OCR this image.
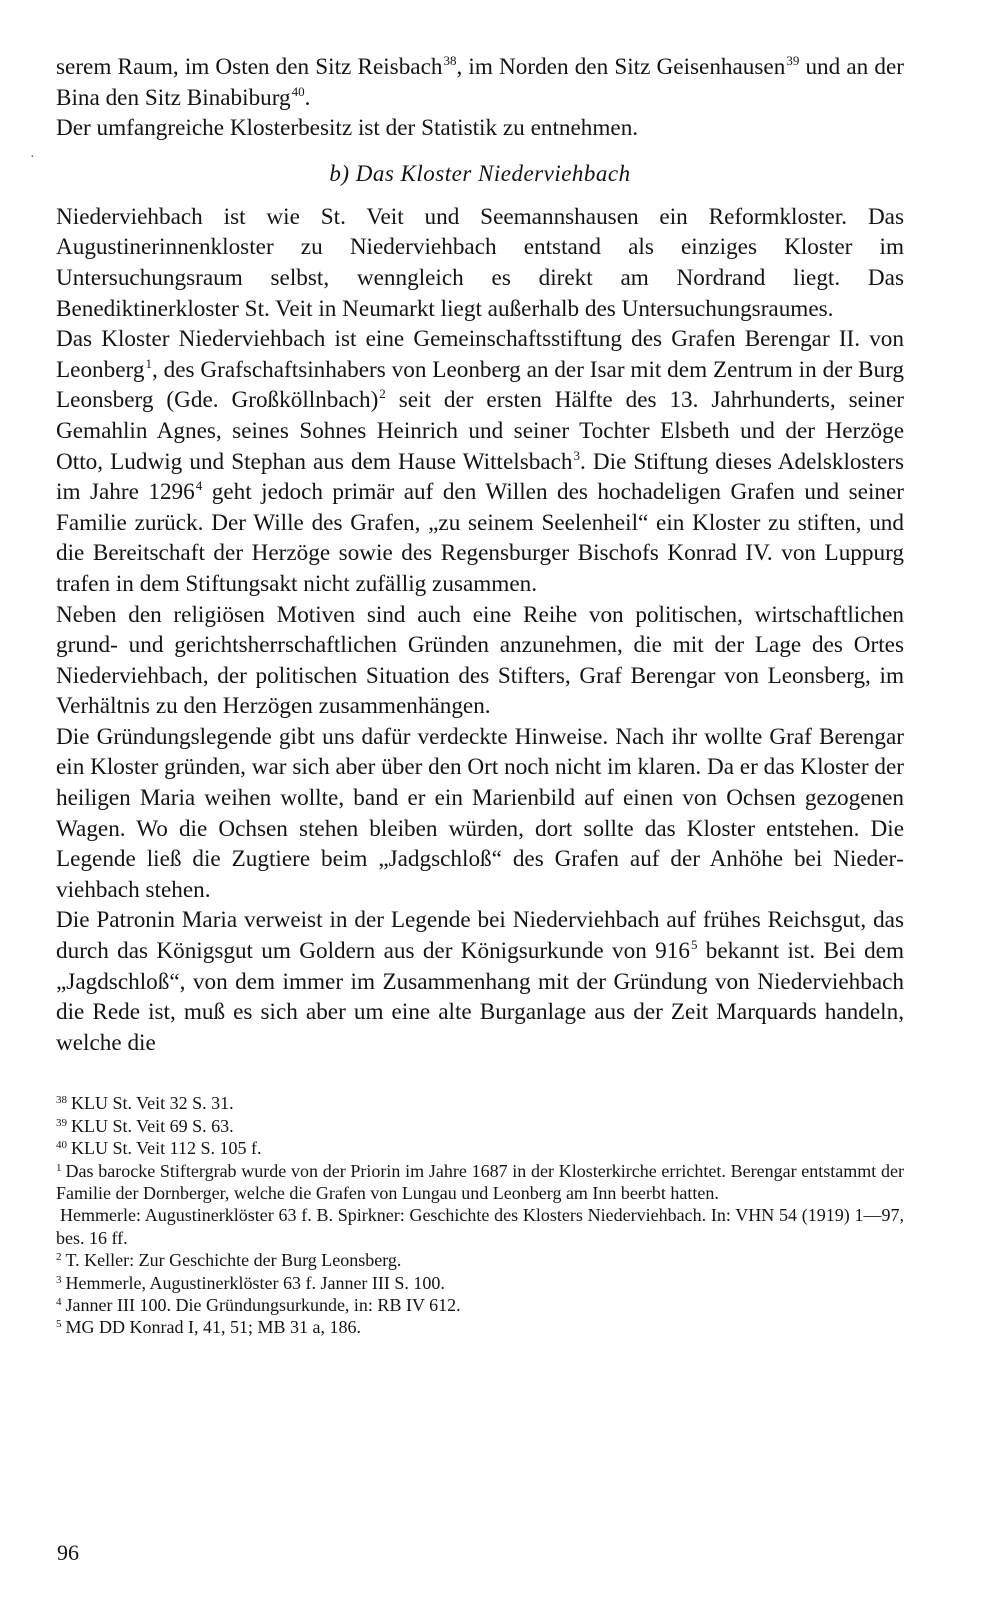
·

serem Raum, im Osten den Sitz Reisbach$^{38}$, im Norden den Sitz Geisenhausen$^{39}$ und an der Bina den Sitz Binabiburg$^{40}$.

Der umfangreiche Klosterbesitz ist der Statistik zu entnehmen.

b) Das Kloster Niederviehbach

Niederviehbach ist wie St. Veit und Seemannshausen ein Reformkloster. Das Augustinerinnenkloster zu Niederviehbach entstand als einziges Kloster im Untersuchungsraum selbst, wenngleich es direkt am Nordrand liegt. Das Benediktinerkloster St. Veit in Neumarkt liegt außerhalb des Untersuchungsraumes.

Das Kloster Niederviehbach ist eine Gemeinschaftsstiftung des Grafen Berengar II. von Leonberg$^1$, des Grafschaftsinhabers von Leonberg an der Isar mit dem Zentrum in der Burg Leonsberg (Gde. Großköllnbach)$^2$ seit der ersten Hälfte des 13. Jahrhunderts, seiner Gemahlin Agnes, seines Sohnes Heinrich und seiner Tochter Elsbeth und der Herzöge Otto, Ludwig und Stephan aus dem Hause Wittelsbach$^3$. Die Stiftung dieses Adelsklosters im Jahre 1296$^4$ geht jedoch primär auf den Willen des hochadeligen Grafen und seiner Familie zurück. Der Wille des Grafen, „zu seinem Seelenheil“ ein Kloster zu stiften, und die Bereitschaft der Herzöge sowie des Regensburger Bischofs Konrad IV. von Luppurg trafen in dem Stiftungsakt nicht zufällig zusammen.

Neben den religiösen Motiven sind auch eine Reihe von politischen, wirtschaftlichen grund- und gerichtsherrschaftlichen Gründen anzunehmen, die mit der Lage des Ortes Niederviehbach, der politischen Situation des Stifters, Graf Berengar von Leonsberg, im Verhältnis zu den Herzögen zusammenhängen.

Die Gründungslegende gibt uns dafür verdeckte Hinweise. Nach ihr wollte Graf Berengar ein Kloster gründen, war sich aber über den Ort noch nicht im klaren. Da er das Kloster der heiligen Maria weihen wollte, band er ein Marienbild auf einen von Ochsen gezogenen Wagen. Wo die Ochsen stehen bleiben würden, dort sollte das Kloster entstehen. Die Legende ließ die Zugtiere beim „Jadgschloß“ des Grafen auf der Anhöhe bei Niederviehbach stehen.

Die Patronin Maria verweist in der Legende bei Niederviehbach auf frühes Reichsgut, das durch das Königsgut um Goldern aus der Königsurkunde von $916^5$ bekannt ist. Bei dem „Jagdschloß“, von dem immer im Zusammenhang mit der Gründung von Niederviehbach die Rede ist, muß es sich aber um eine alte Burganlage aus der Zeit Marquards handeln, welche die

$^{38}$ KLU St. Veit 32 S. 31.

$^{39}$ KLU St. Veit 69 S. 63.

$^{40}$ KLU St. Veit 112 S. 105 f.

$^1$ Das barocke Stiftergrab wurde von der Priorin im Jahre 1687 in der Klosterkirche errichtet. Berengar entstammt der Familie der Dornberger, welche die Grafen von Lungau und Leonberg am Inn beerbt hatten.

Hemmerle: Augustinerklöster 63 f. B. Spirkner: Geschichte des Klosters Niederviehbach. In: VHN 54 (1919) 1—97, bes. 16 ff.

$^2$ T. Keller: Zur Geschichte der Burg Leonsberg.

$^3$ Hemmerle, Augustinerklöster 63 f. Janner III S. 100.

$^4$ Janner III 100. Die Gründungsurkunde, in: RB IV 612.

$^5$ MG DD Konrad I, 41, 51; MB 31 a, 186.

96
